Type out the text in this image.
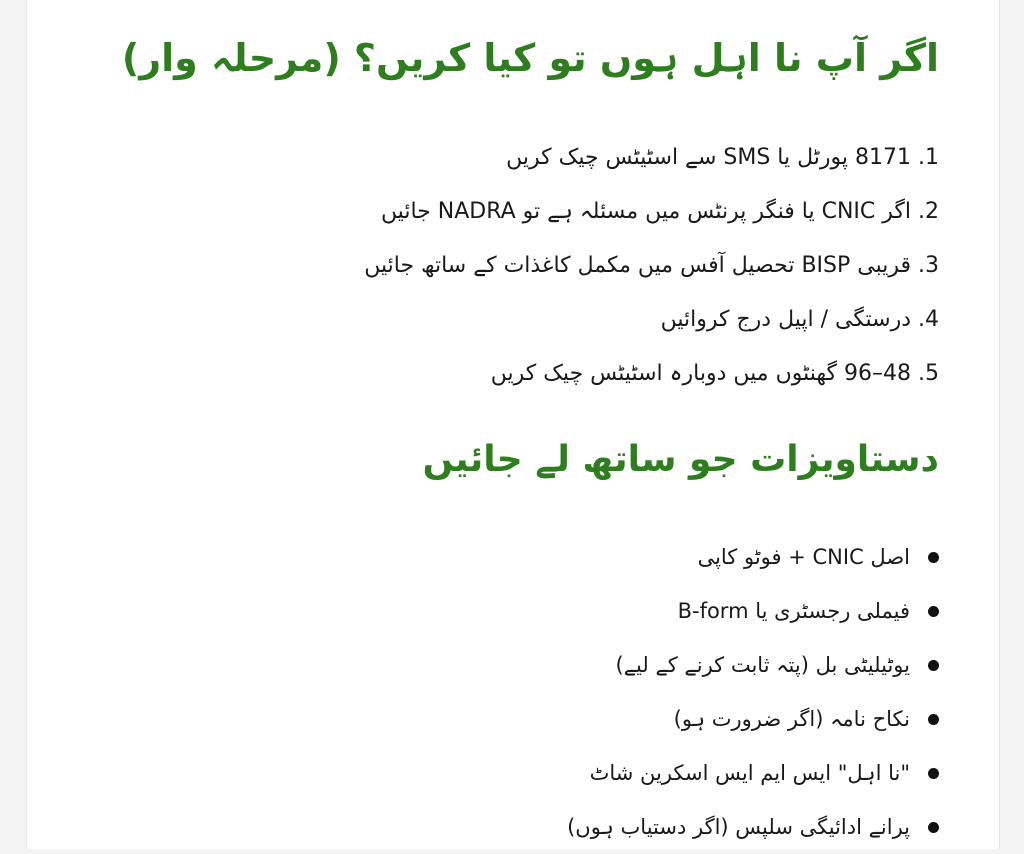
اگر آپ نا اہل ہوں تو کیا کریں؟ (مرحلہ وار)
1. 8171 پورٹل یا SMS سے اسٹیٹس چیک کریں
2. اگر CNIC یا فنگر پرنٹس میں مسئلہ ہے تو NADRA جائیں
3. قریبی BISP تحصیل آفس میں مکمل کاغذات کے ساتھ جائیں
4. درستگی / اپیل درج کروائیں
5. 48–96 گھنٹوں میں دوبارہ اسٹیٹس چیک کریں
دستاویزات جو ساتھ لے جائیں
اصل CNIC + فوٹو کاپی
فیملی رجسٹری یا B-form
یوٹیلیٹی بل (پتہ ثابت کرنے کے لیے)
نکاح نامہ (اگر ضرورت ہو)
"نا اہل" ایس ایم ایس اسکرین شاٹ
پرانے ادائیگی سلپس (اگر دستیاب ہوں)
